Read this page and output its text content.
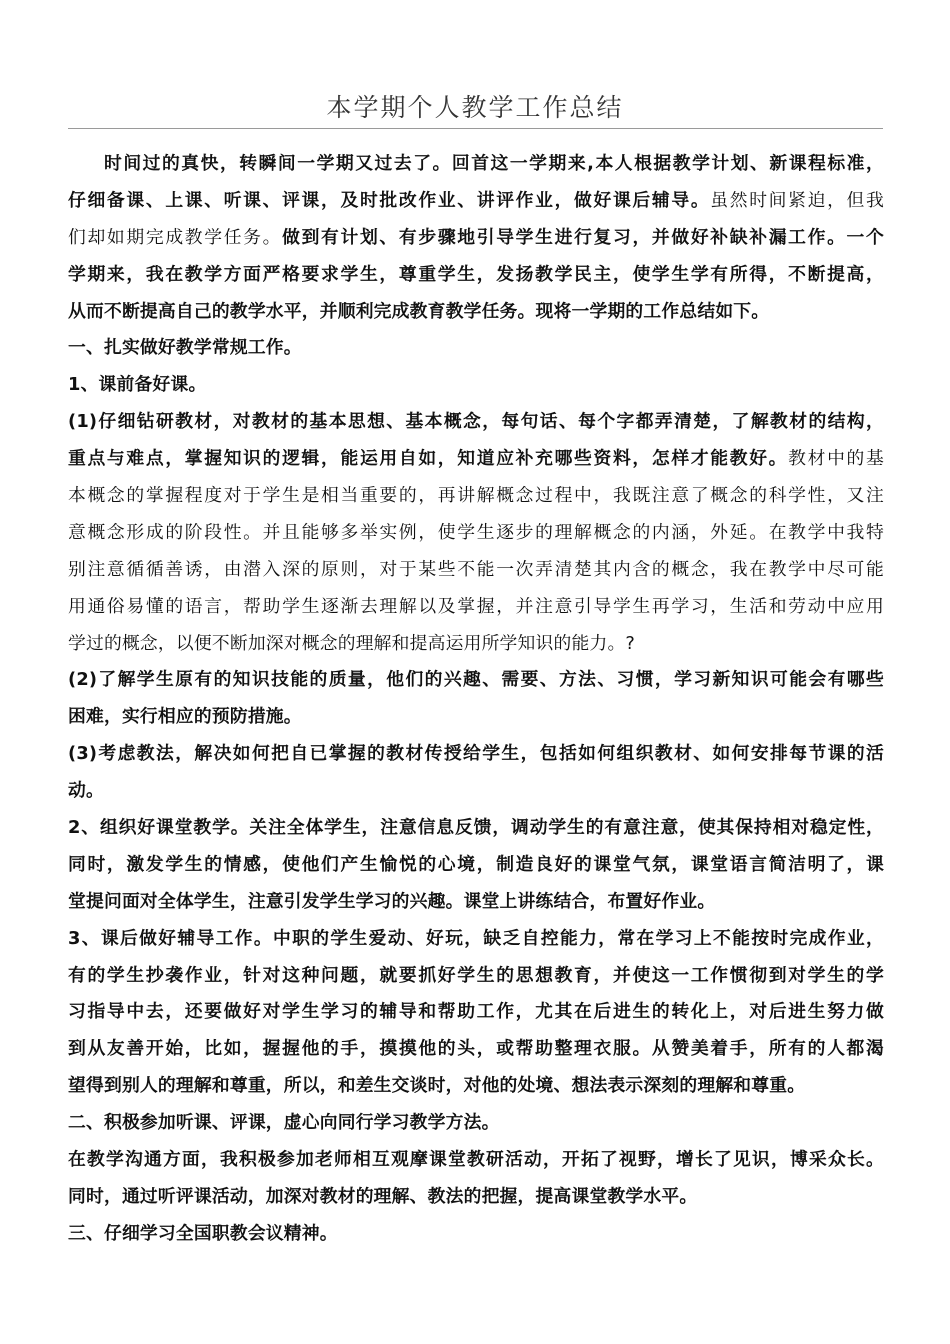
本学期个人教学工作总结
时间过的真快，转瞬间一学期又过去了。回首这一学期来,本人根据教学计划、新课程标准，
仔细备课、上课、听课、评课，及时批改作业、讲评作业，做好课后辅导。虽然时间紧迫，但我
们却如期完成教学任务。做到有计划、有步骤地引导学生进行复习，并做好补缺补漏工作。一个
学期来，我在教学方面严格要求学生，尊重学生，发扬教学民主，使学生学有所得，不断提高，
从而不断提高自己的教学水平，并顺利完成教育教学任务。现将一学期的工作总结如下。
一、扎实做好教学常规工作。
1、课前备好课。
(1)仔细钻研教材，对教材的基本思想、基本概念，每句话、每个字都弄清楚，了解教材的结构，
重点与难点，掌握知识的逻辑，能运用自如，知道应补充哪些资料，怎样才能教好。教材中的基
本概念的掌握程度对于学生是相当重要的，再讲解概念过程中，我既注意了概念的科学性，又注
意概念形成的阶段性。并且能够多举实例，使学生逐步的理解概念的内涵，外延。在教学中我特
别注意循循善诱，由潜入深的原则，对于某些不能一次弄清楚其内含的概念，我在教学中尽可能
用通俗易懂的语言，帮助学生逐渐去理解以及掌握，并注意引导学生再学习，生活和劳动中应用
学过的概念，以便不断加深对概念的理解和提高运用所学知识的能力。?
(2)了解学生原有的知识技能的质量，他们的兴趣、需要、方法、习惯，学习新知识可能会有哪些
困难，实行相应的预防措施。
(3)考虑教法，解决如何把自已掌握的教材传授给学生，包括如何组织教材、如何安排每节课的活
动。
2、组织好课堂教学。关注全体学生，注意信息反馈，调动学生的有意注意，使其保持相对稳定性，
同时，激发学生的情感，使他们产生愉悦的心境，制造良好的课堂气氛，课堂语言简洁明了，课
堂提问面对全体学生，注意引发学生学习的兴趣。课堂上讲练结合，布置好作业。
3、课后做好辅导工作。中职的学生爱动、好玩，缺乏自控能力，常在学习上不能按时完成作业，
有的学生抄袭作业，针对这种问题，就要抓好学生的思想教育，并使这一工作惯彻到对学生的学
习指导中去，还要做好对学生学习的辅导和帮助工作，尤其在后进生的转化上，对后进生努力做
到从友善开始，比如，握握他的手，摸摸他的头，或帮助整理衣服。从赞美着手，所有的人都渴
望得到别人的理解和尊重，所以，和差生交谈时，对他的处境、想法表示深刻的理解和尊重。
二、积极参加听课、评课，虚心向同行学习教学方法。
在教学沟通方面，我积极参加老师相互观摩课堂教研活动，开拓了视野，增长了见识，博采众长。
同时，通过听评课活动，加深对教材的理解、教法的把握，提高课堂教学水平。
三、仔细学习全国职教会议精神。
